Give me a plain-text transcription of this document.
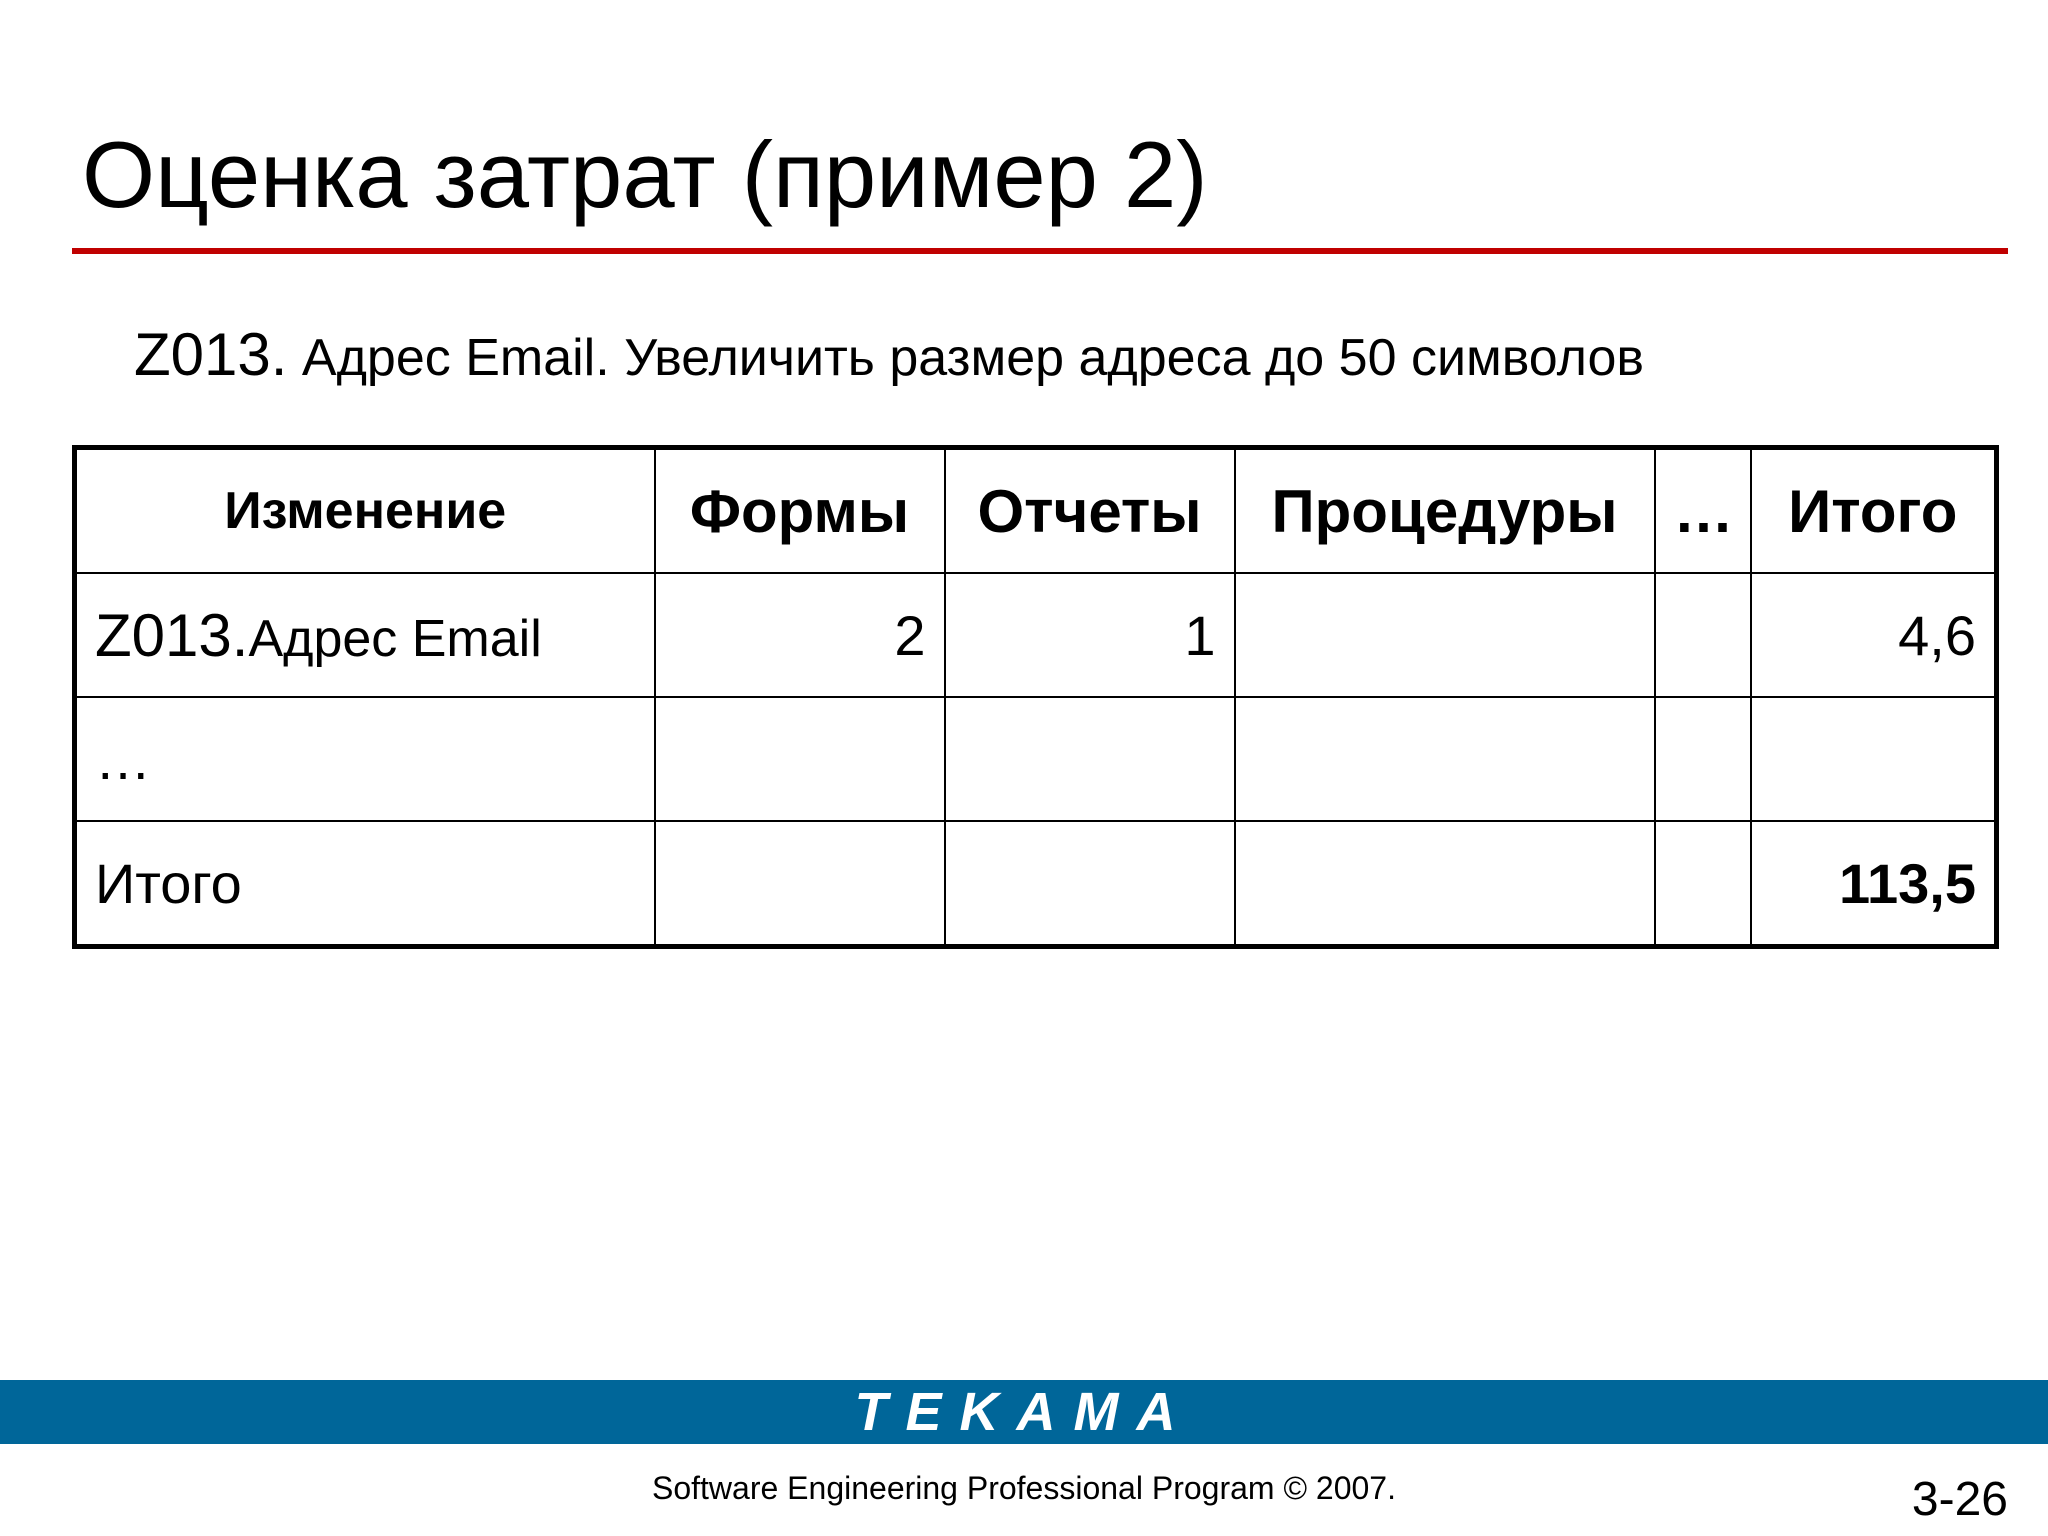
Оценка затрат (пример 2)
Z013. Адрес Email. Увеличить размер адреса до 50 символов
Изменение	Формы	Отчеты	Процедуры	…	Итого
Z013.Адрес Email	2	1			4,6
…					
Итого					113,5
TEKAMA
Software Engineering Professional Program © 2007.	3-26
